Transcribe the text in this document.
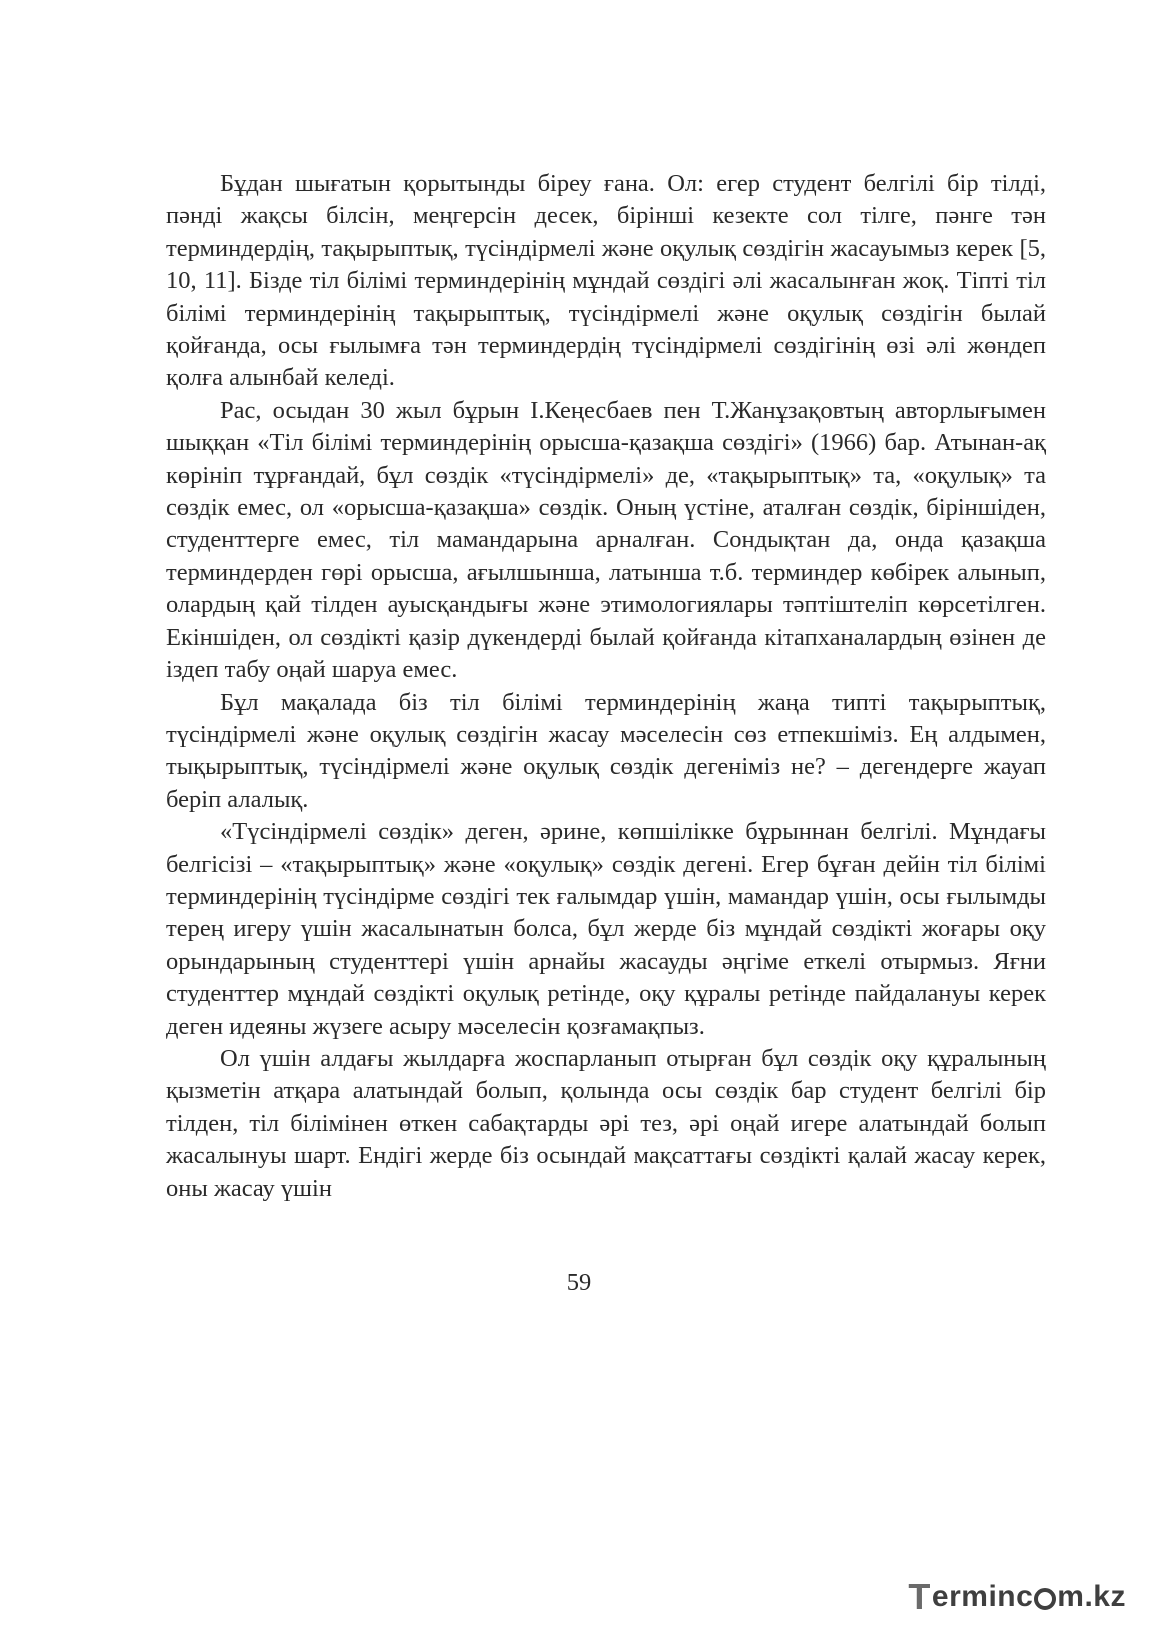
Бұдан шығатын қорытынды біреу ғана. Ол: егер студент белгілі бір тілді, пәнді жақсы білсін, меңгерсін десек, бірінші кезекте сол тілге, пәнге тән терминдердің, тақырыптық, түсіндірмелі және оқулық сөздігін жасауымыз керек [5, 10, 11]. Бізде тіл білімі терминдерінің мұндай сөздігі әлі жасалынған жоқ. Тіпті тіл білімі терминдерінің тақырыптық, түсіндірмелі және оқулық сөздігін былай қойғанда, осы ғылымға тән терминдердің түсіндірмелі сөздігінің өзі әлі жөндеп қолға алынбай келеді.

Рас, осыдан 30 жыл бұрын І.Кеңесбаев пен Т.Жанұзақовтың авторлығымен шыққан «Тіл білімі терминдерінің орысша-қазақша сөздігі» (1966) бар. Атынан-ақ көрініп тұрғандай, бұл сөздік «түсіндірмелі» де, «тақырыптық» та, «оқулық» та сөздік емес, ол «орысша-қазақша» сөздік. Оның үстіне, аталған сөздік, біріншіден, студенттерге емес, тіл мамандарына арналған. Сондықтан да, онда қазақша терминдерден гөрі орысша, ағылшынша, латынша т.б. терминдер көбірек алынып, олардың қай тілден ауысқандығы және этимологиялары тәптіштеліп көрсетілген. Екіншіден, ол сөздікті қазір дүкендерді былай қойғанда кітапханалардың өзінен де іздеп табу оңай шаруа емес.

Бұл мақалада біз тіл білімі терминдерінің жаңа типті тақырыптық, түсіндірмелі және оқулық сөздігін жасау мәселесін сөз етпекшіміз. Ең алдымен, тықырыптық, түсіндірмелі және оқулық сөздік дегеніміз не? – дегендерге жауап беріп алалық.

«Түсіндірмелі сөздік» деген, әрине, көпшілікке бұрыннан белгілі. Мұндағы белгісізі – «тақырыптық» және «оқулық» сөздік дегені. Егер бұған дейін тіл білімі терминдерінің түсіндірме сөздігі тек ғалымдар үшін, мамандар үшін, осы ғылымды терең игеру үшін жасалынатын болса, бұл жерде біз мұндай сөздікті жоғары оқу орындарының студенттері үшін арнайы жасауды әңгіме еткелі отырмыз. Яғни студенттер мұндай сөздікті оқулық ретінде, оқу құралы ретінде пайдалануы керек деген идеяны жүзеге асыру мәселесін қозғамақпыз.

Ол үшін алдағы жылдарға жоспарланып отырған бұл сөздік оқу құралының қызметін атқара алатындай болып, қолында осы сөздік бар студент белгілі бір тілден, тіл білімінен өткен сабақтарды әрі тез, әрі оңай игере алатындай болып жасалынуы шарт. Ендігі жерде біз осындай мақсаттағы сөздікті қалай жасау керек, оны жасау үшін

59
T erminc m.kz
